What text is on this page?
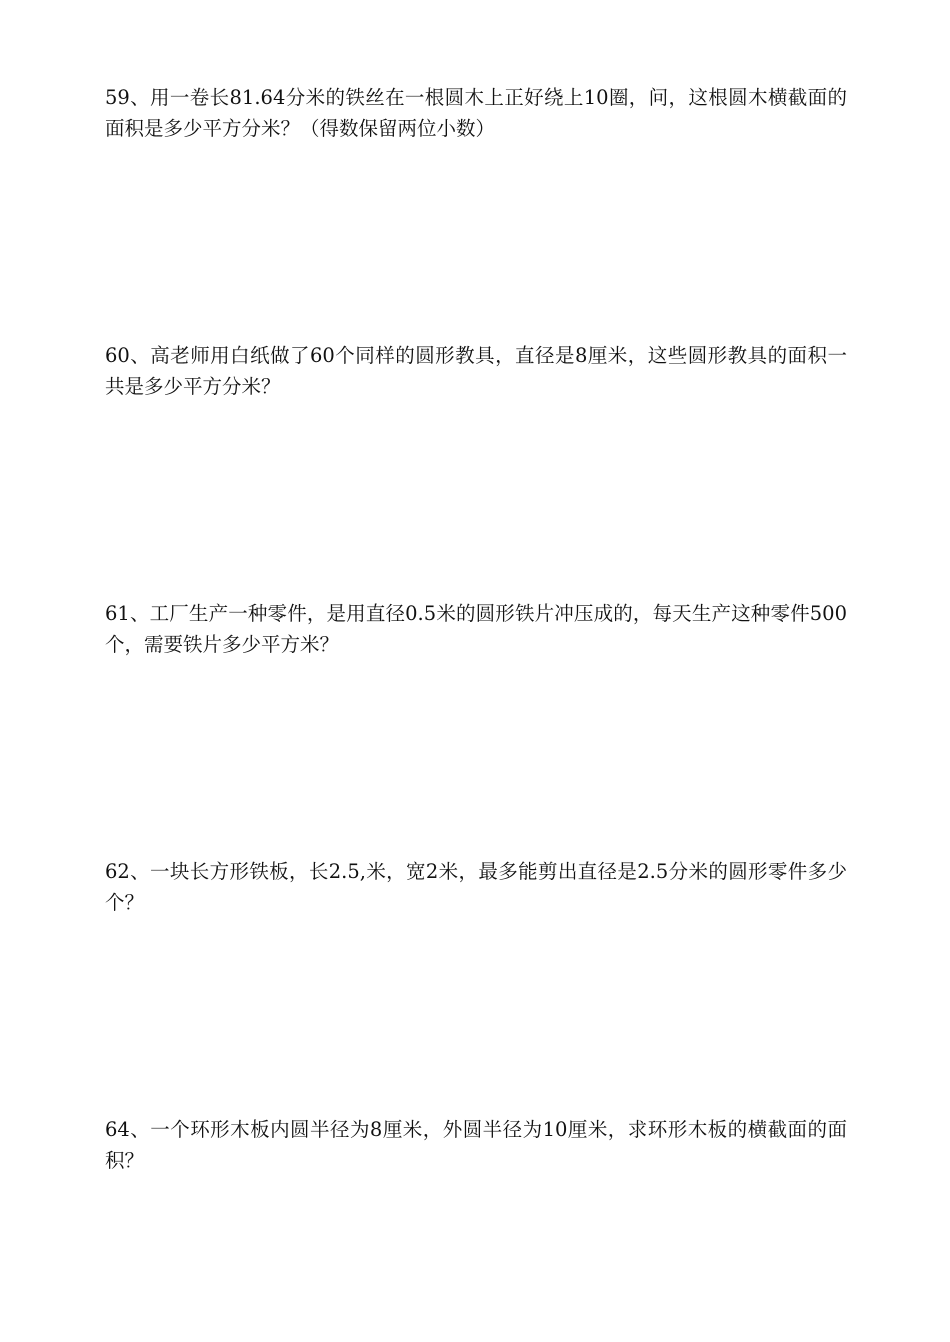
59、用一卷长81.64分米的铁丝在一根圆木上正好绕上10圈，问，这根圆木横截面的面积是多少平方分米？（得数保留两位小数）
60、高老师用白纸做了60个同样的圆形教具，直径是8厘米，这些圆形教具的面积一共是多少平方分米？
61、工厂生产一种零件，是用直径0.5米的圆形铁片冲压成的，每天生产这种零件500个，需要铁片多少平方米？
62、一块长方形铁板，长2.5,米，宽2米，最多能剪出直径是2.5分米的圆形零件多少个？
64、一个环形木板内圆半径为8厘米，外圆半径为10厘米，求环形木板的横截面的面积？
